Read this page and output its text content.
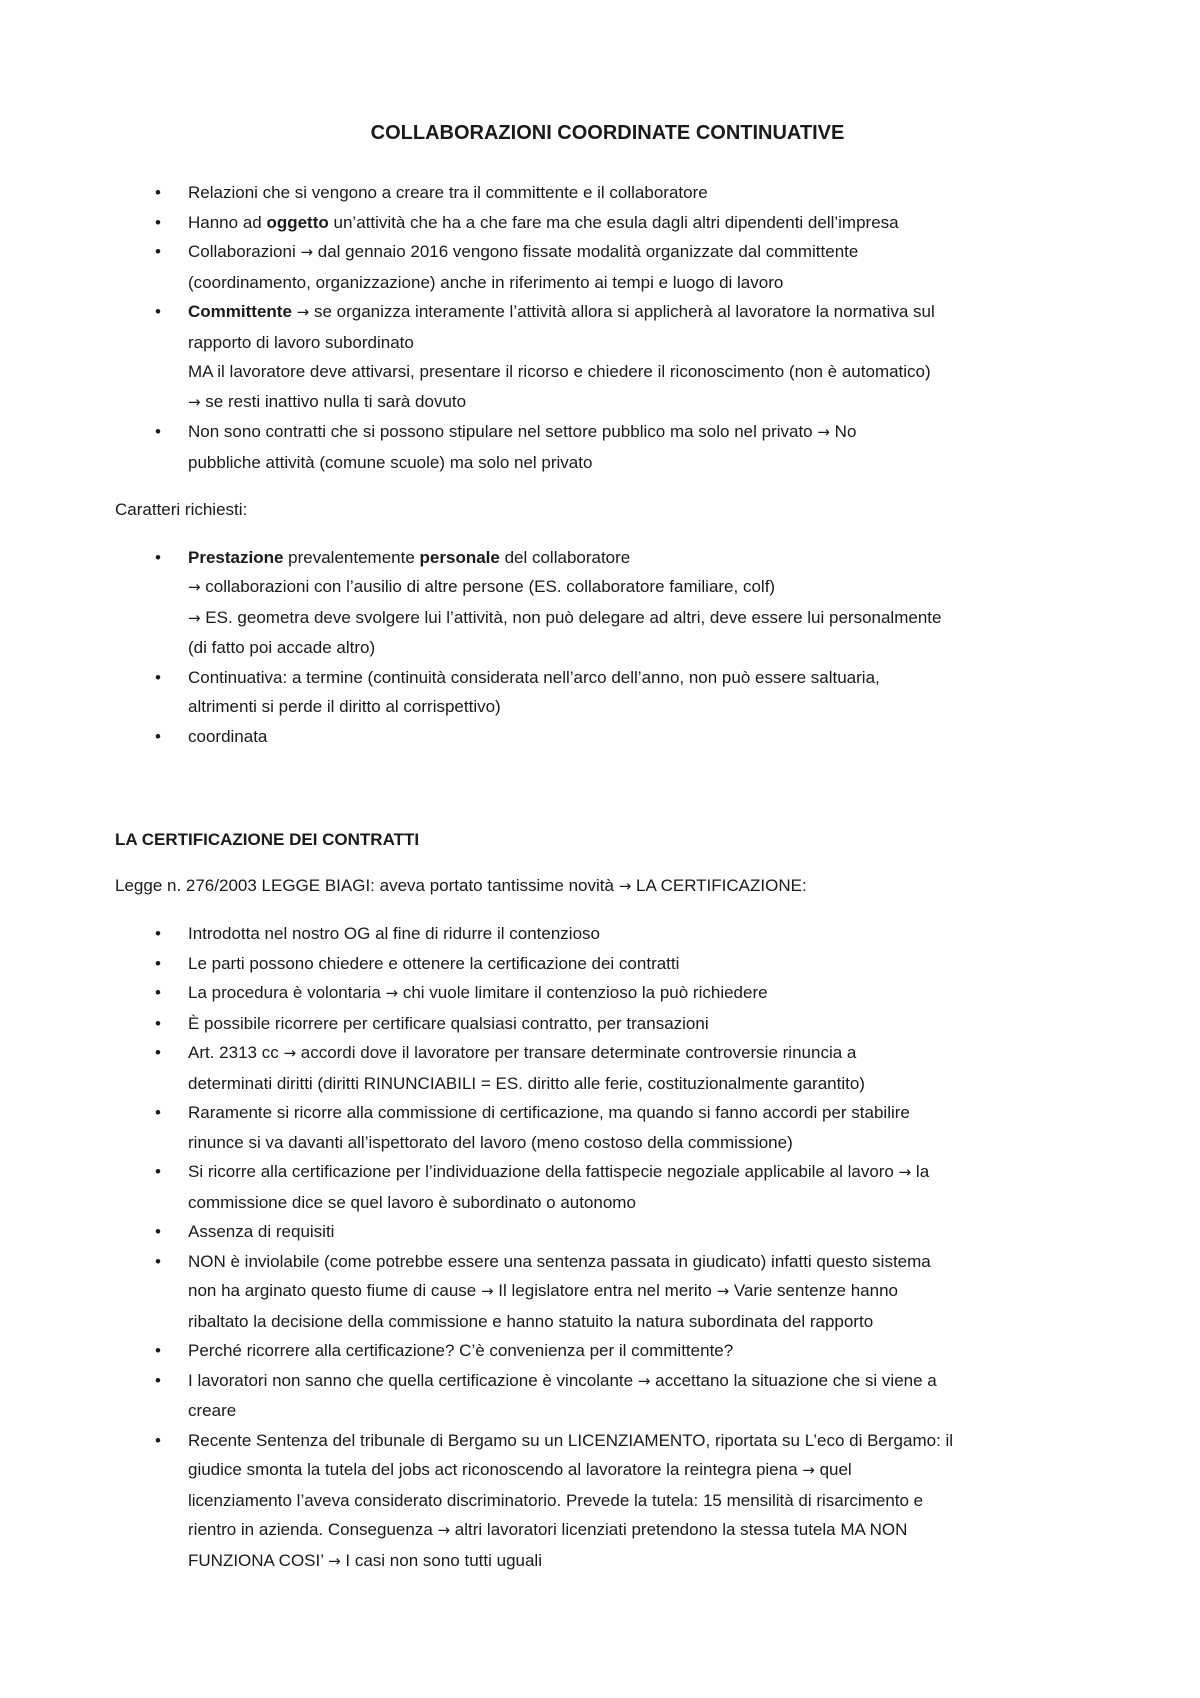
COLLABORAZIONI COORDINATE CONTINUATIVE
• Relazioni che si vengono a creare tra il committente e il collaboratore
• Hanno ad oggetto un’attività che ha a che fare ma che esula dagli altri dipendenti dell’impresa
• Collaborazioni → dal gennaio 2016 vengono fissate modalità organizzate dal committente
(coordinamento, organizzazione) anche in riferimento ai tempi e luogo di lavoro
• Committente → se organizza interamente l’attività allora si applicherà al lavoratore la normativa sul
rapporto di lavoro subordinato
MA il lavoratore deve attivarsi, presentare il ricorso e chiedere il riconoscimento (non è automatico)
→ se resti inattivo nulla ti sarà dovuto
• Non sono contratti che si possono stipulare nel settore pubblico ma solo nel privato → No
pubbliche attività (comune scuole) ma solo nel privato

Caratteri richiesti:

• Prestazione prevalentemente personale del collaboratore
→ collaborazioni con l’ausilio di altre persone (ES. collaboratore familiare, colf)
→ ES. geometra deve svolgere lui l’attività, non può delegare ad altri, deve essere lui personalmente
(di fatto poi accade altro)
• Continuativa: a termine (continuità considerata nell’arco dell’anno, non può essere saltuaria,
altrimenti si perde il diritto al corrispettivo)
• coordinata

LA CERTIFICAZIONE DEI CONTRATTI

Legge n. 276/2003 LEGGE BIAGI: aveva portato tantissime novità → LA CERTIFICAZIONE:

• Introdotta nel nostro OG al fine di ridurre il contenzioso
• Le parti possono chiedere e ottenere la certificazione dei contratti
• La procedura è volontaria → chi vuole limitare il contenzioso la può richiedere
• È possibile ricorrere per certificare qualsiasi contratto, per transazioni
• Art. 2313 cc → accordi dove il lavoratore per transare determinate controversie rinuncia a
determinati diritti (diritti RINUNCIABILI = ES. diritto alle ferie, costituzionalmente garantito)
• Raramente si ricorre alla commissione di certificazione, ma quando si fanno accordi per stabilire
rinunce si va davanti all’ispettorato del lavoro (meno costoso della commissione)
• Si ricorre alla certificazione per l’individuazione della fattispecie negoziale applicabile al lavoro → la
commissione dice se quel lavoro è subordinato o autonomo
• Assenza di requisiti
• NON è inviolabile (come potrebbe essere una sentenza passata in giudicato) infatti questo sistema
non ha arginato questo fiume di cause → Il legislatore entra nel merito → Varie sentenze hanno
ribaltato la decisione della commissione e hanno statuito la natura subordinata del rapporto
• Perché ricorrere alla certificazione? C’è convenienza per il committente?
• I lavoratori non sanno che quella certificazione è vincolante → accettano la situazione che si viene a
creare
• Recente Sentenza del tribunale di Bergamo su un LICENZIAMENTO, riportata su L’eco di Bergamo: il
giudice smonta la tutela del jobs act riconoscendo al lavoratore la reintegra piena → quel
licenziamento l’aveva considerato discriminatorio. Prevede la tutela: 15 mensilità di risarcimento e
rientro in azienda. Conseguenza → altri lavoratori licenziati pretendono la stessa tutela MA NON
FUNZIONA COSI’ → I casi non sono tutti uguali
